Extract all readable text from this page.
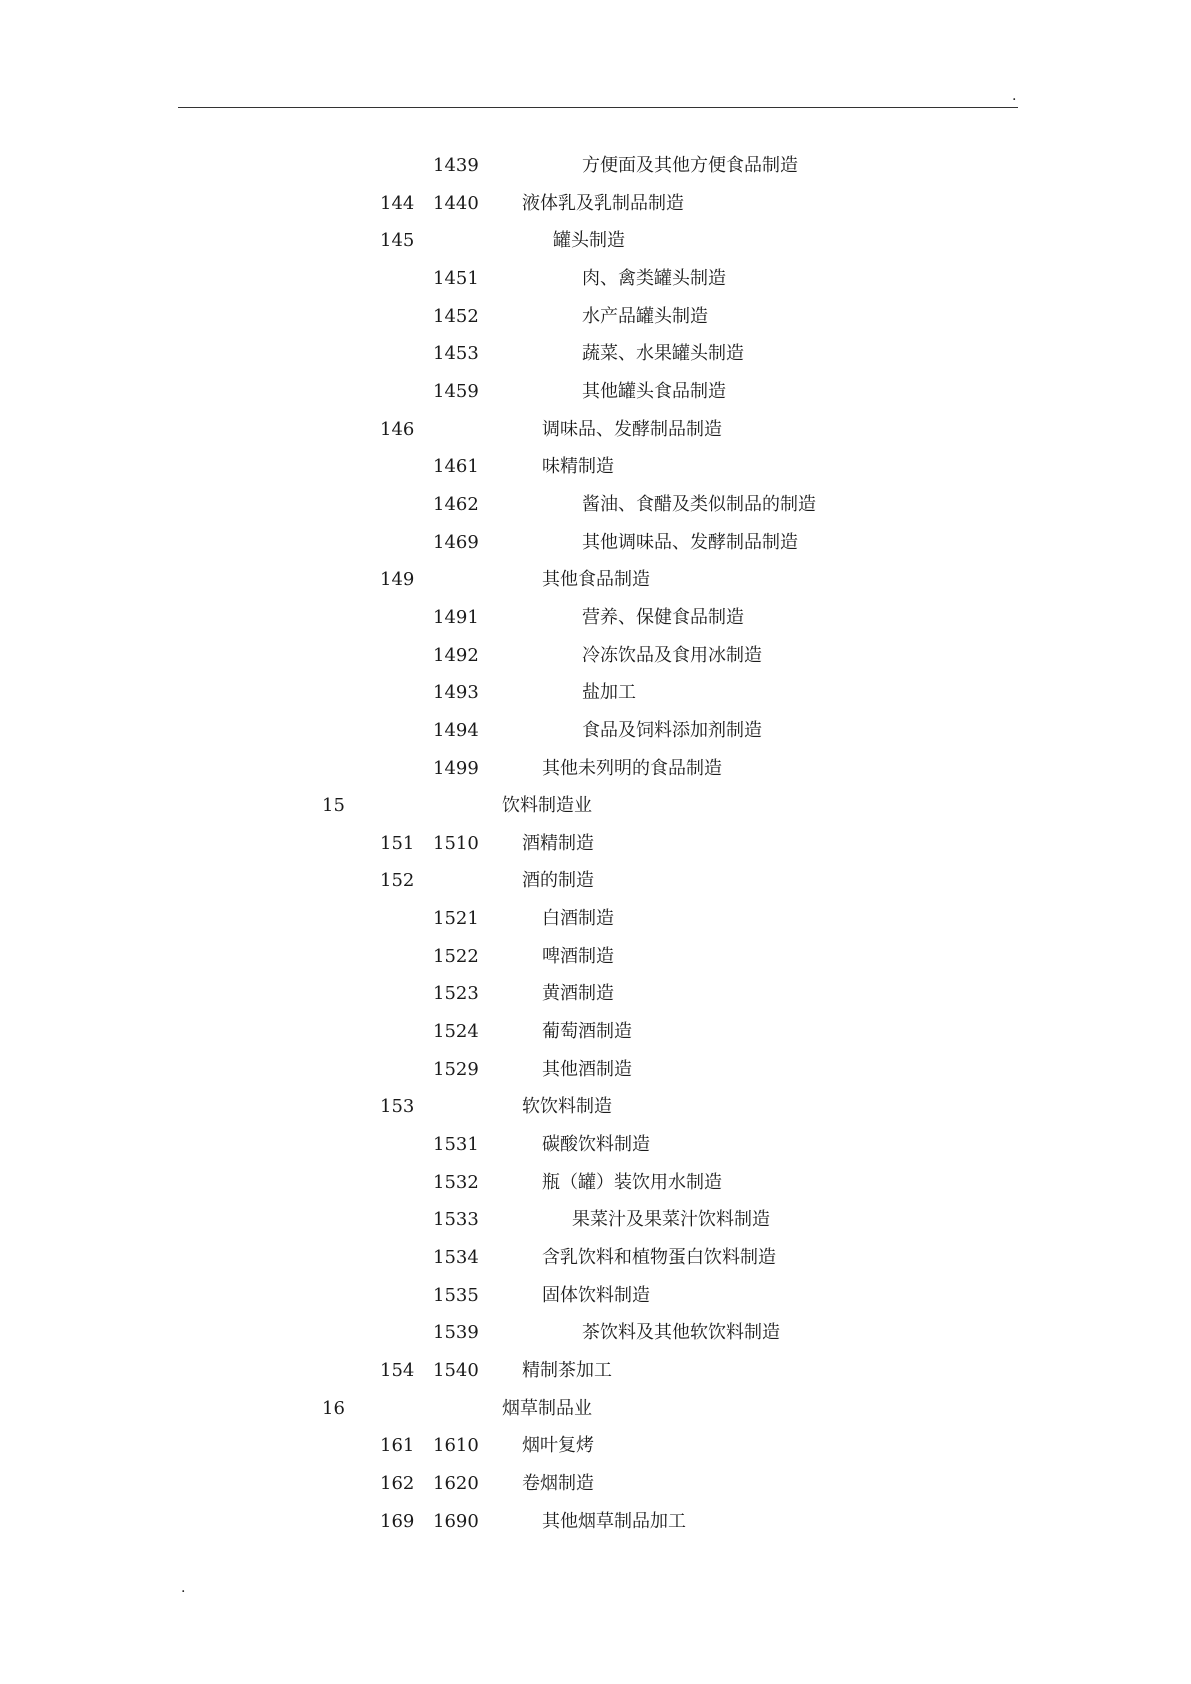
.
1439	方便面及其他方便食品制造
144 1440 液体乳及乳制品制造
145	罐头制造
1451	肉、禽类罐头制造
1452	水产品罐头制造
1453	蔬菜、水果罐头制造
1459	其他罐头食品制造
146	调味品、发酵制品制造
1461	味精制造
1462	酱油、食醋及类似制品的制造
1469	其他调味品、发酵制品制造
149	其他食品制造
1491	营养、保健食品制造
1492	冷冻饮品及食用冰制造
1493	盐加工
1494	食品及饲料添加剂制造
1499	其他未列明的食品制造
15	饮料制造业
151 1510 酒精制造
152	酒的制造
1521	白酒制造
1522	啤酒制造
1523	黄酒制造
1524	葡萄酒制造
1529	其他酒制造
153	软饮料制造
1531	碳酸饮料制造
1532	瓶（罐）装饮用水制造
1533	果菜汁及果菜汁饮料制造
1534	含乳饮料和植物蛋白饮料制造
1535	固体饮料制造
1539	茶饮料及其他软饮料制造
154 1540 精制茶加工
16	烟草制品业
161 1610 烟叶复烤
162 1620 卷烟制造
169 1690	其他烟草制品加工
.
